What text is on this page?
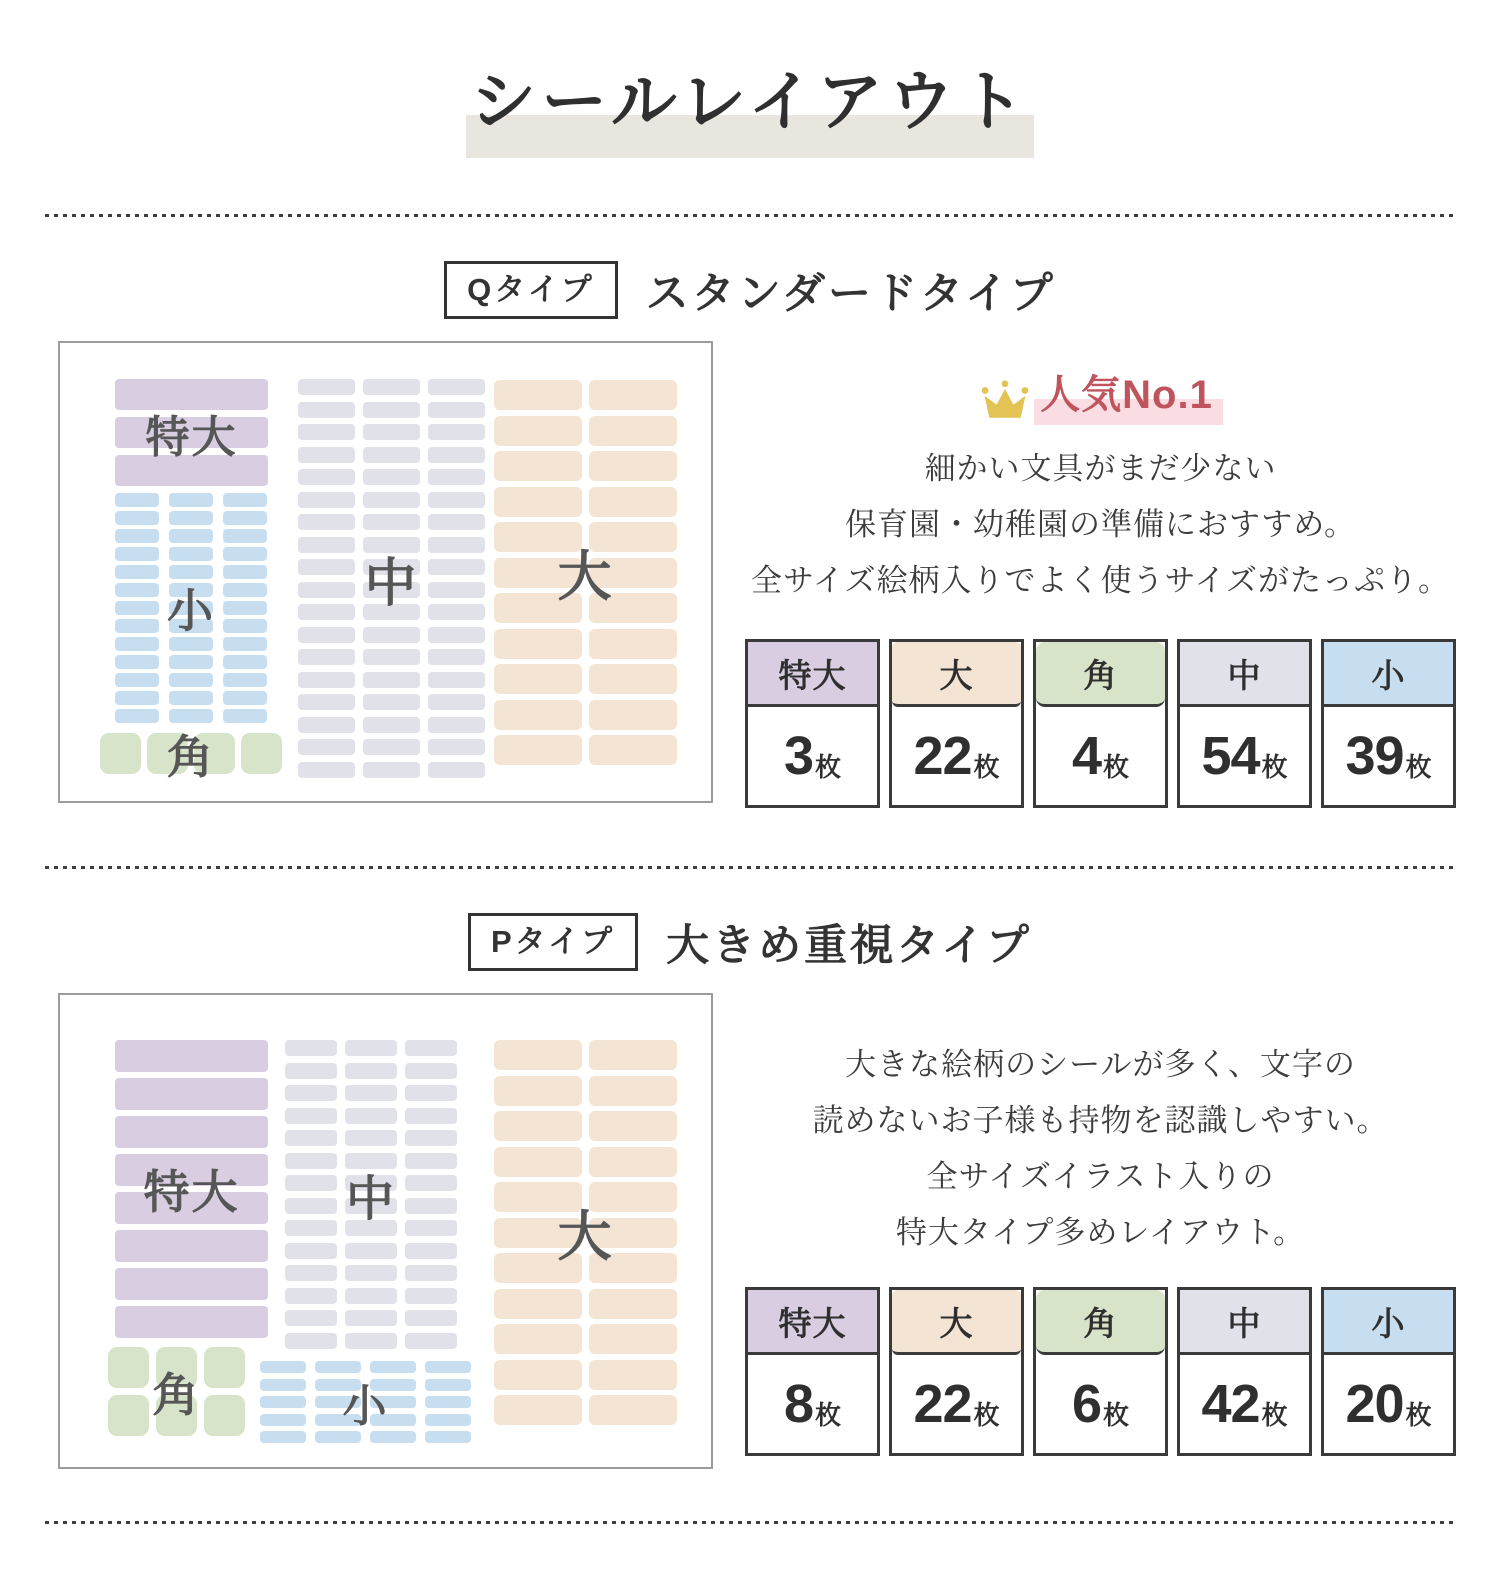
シールレイアウト
Qタイプ	スタンダードタイプ
特大
小
角
中	大
人気No.1
細かい文具がまだ少ない
保育園・幼稚園の準備におすすめ。
全サイズ絵柄入りでよく使うサイズがたっぷり。
特大
3 枚
大
22 枚
角
4 枚
中
54 枚
小
39 枚
Pタイプ	大きめ重視タイプ
特大
角
中
小
大
大きな絵柄のシールが多く、文字の
読めないお子様も持物を認識しやすい。
全サイズイラスト入りの
特大タイプ多めレイアウト。
特大
8 枚
大
22 枚
角
6 枚
中
42 枚
小
20 枚
